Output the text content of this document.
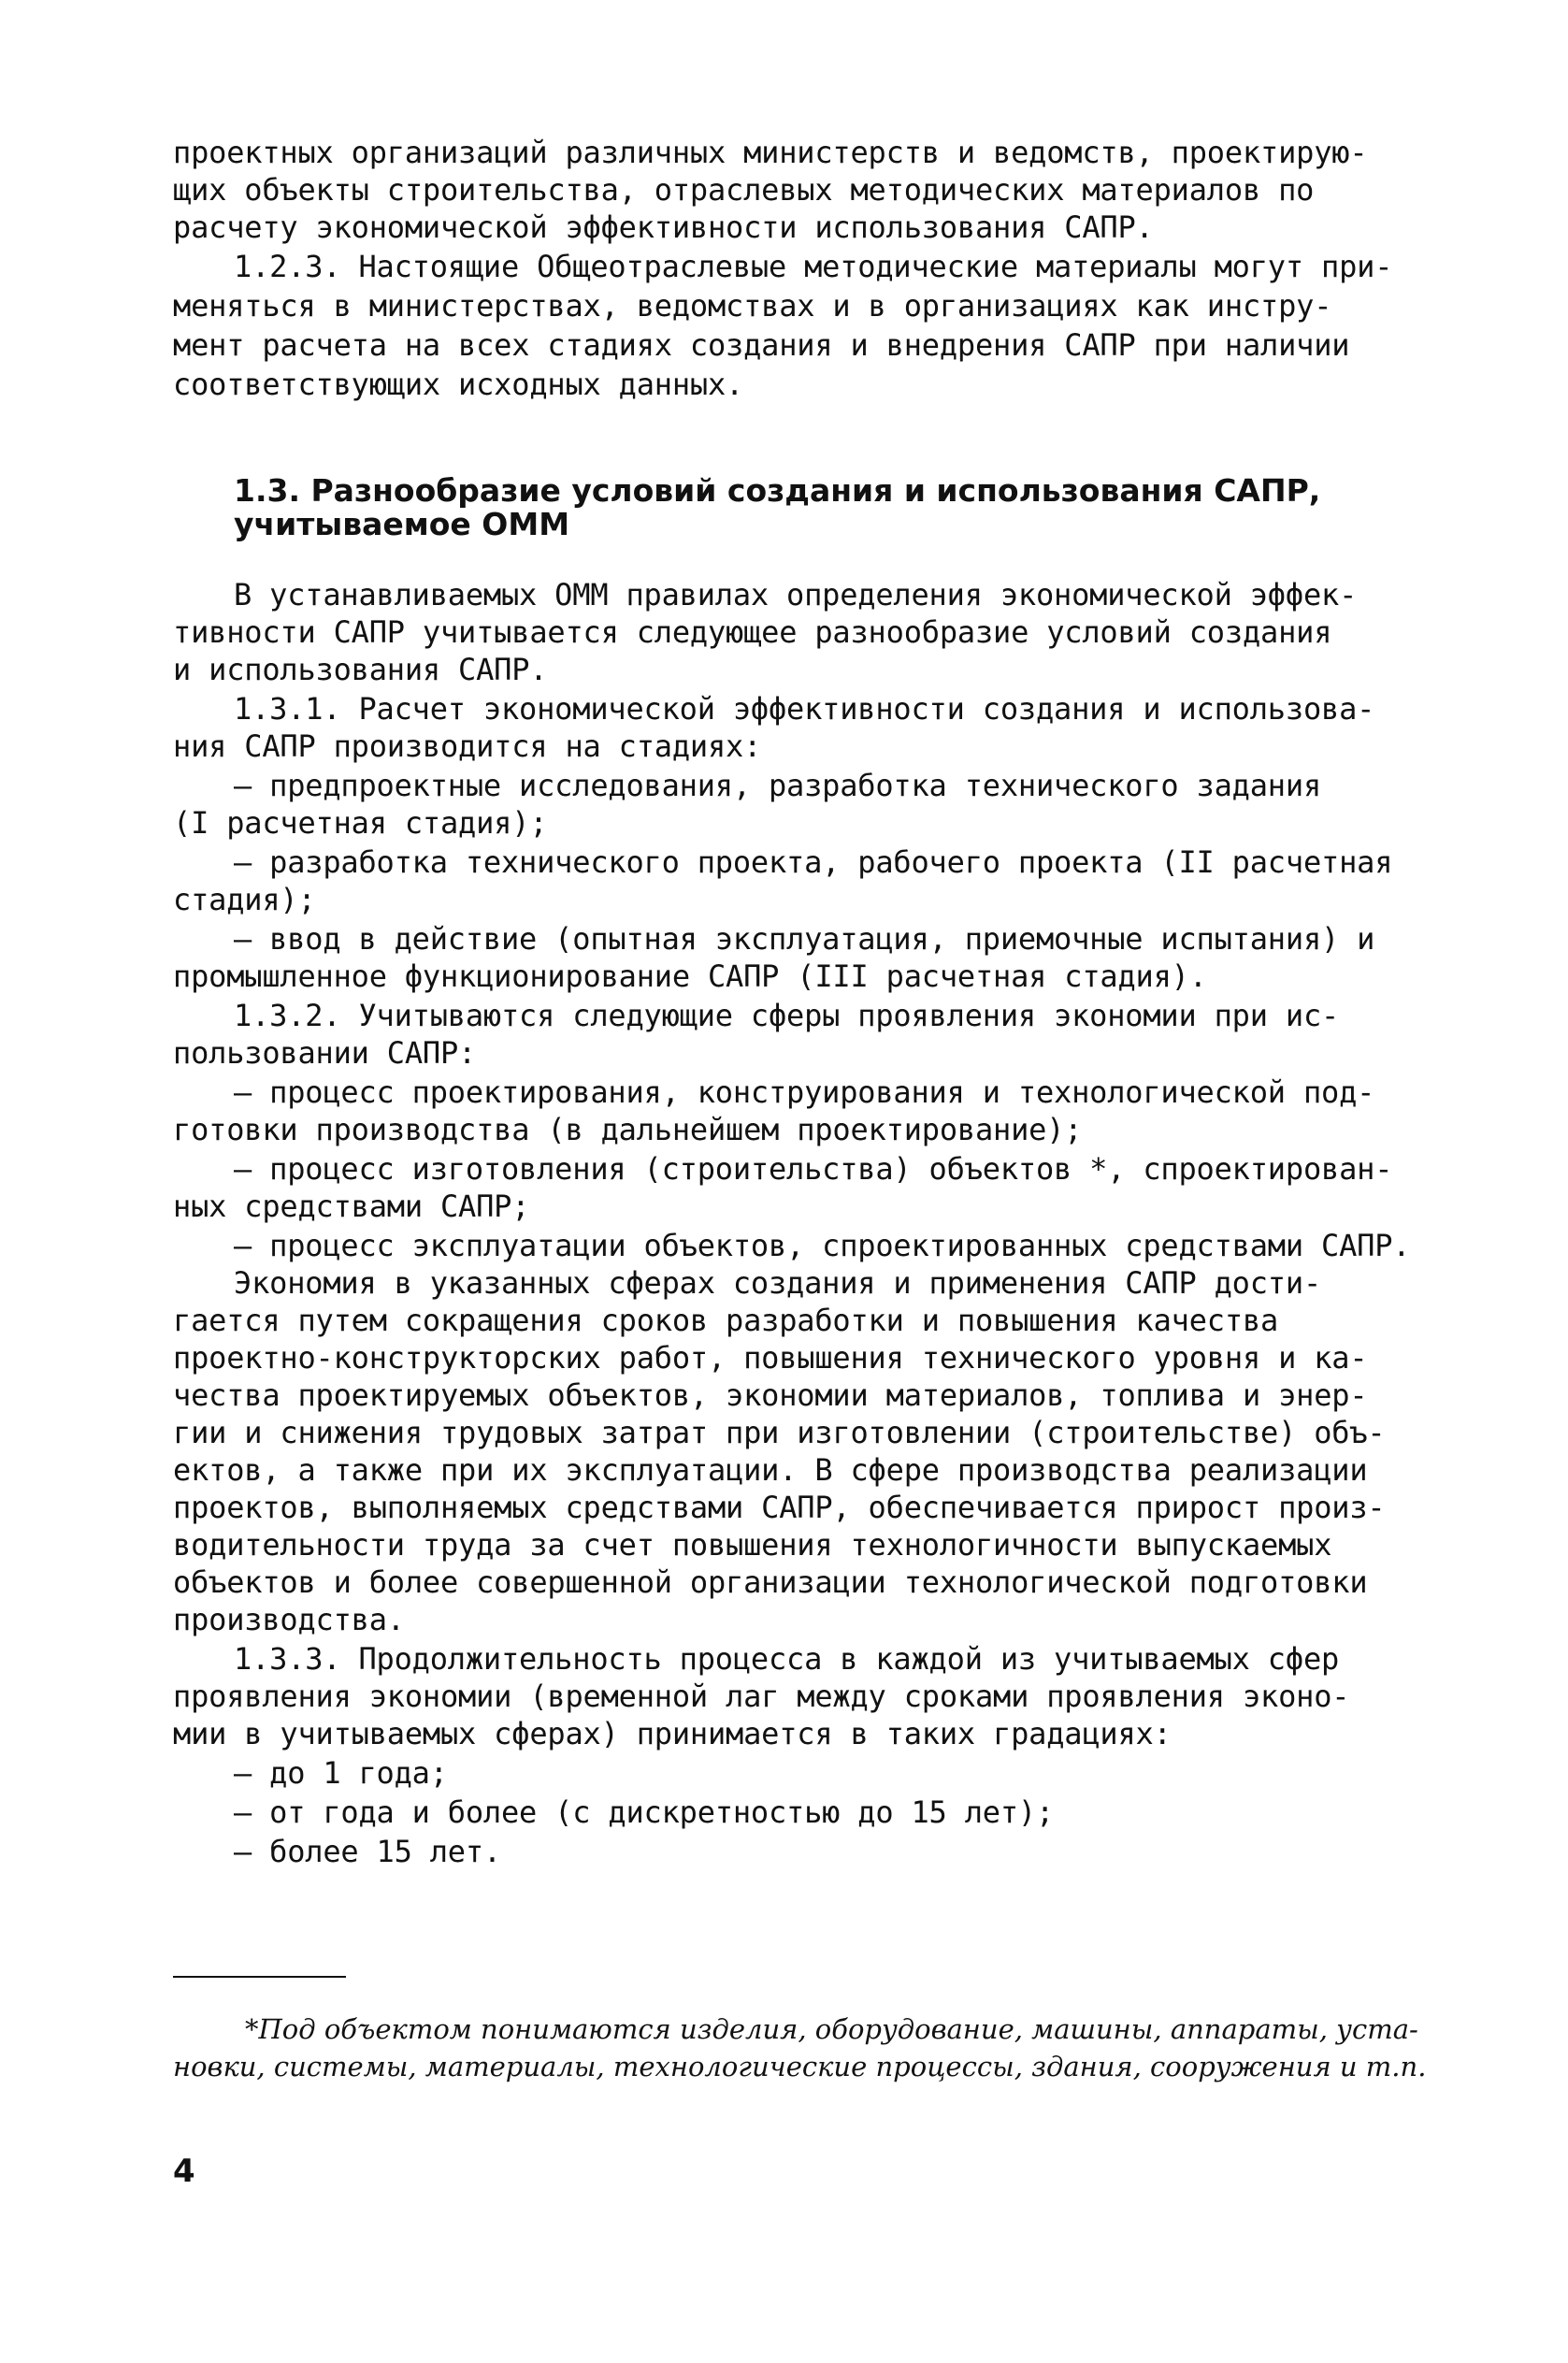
проектных организаций различных министерств и ведомств, проектирую-

щих объекты строительства, отраслевых методических материалов по

расчету экономической эффективности использования САПР.

1.2.3. Настоящие Общеотраслевые методические материалы могут при-

меняться в министерствах, ведомствах и в организациях как инстру-

мент расчета на всех стадиях создания и внедрения САПР при наличии

соответствующих исходных данных.

1.3. Разнообразие условий создания и использования САПР,
учитываемое ОММ

В устанавливаемых ОММ правилах определения экономической эффек-

тивности САПР учитывается следующее разнообразие условий создания

и использования САПР.

1.3.1. Расчет экономической эффективности создания и использова-

ния САПР производится на стадиях:

– предпроектные исследования, разработка технического задания

(I расчетная стадия);

– разработка технического проекта, рабочего проекта (II расчетная

стадия);

– ввод в действие (опытная эксплуатация, приемочные испытания) и

промышленное функционирование САПР (III расчетная стадия).

1.3.2. Учитываются следующие сферы проявления экономии при ис-

пользовании САПР:

– процесс проектирования, конструирования и технологической под-

готовки производства (в дальнейшем проектирование);

– процесс изготовления (строительства) объектов *, спроектирован-

ных средствами САПР;

– процесс эксплуатации объектов, спроектированных средствами САПР.

Экономия в указанных сферах создания и применения САПР дости-

гается путем сокращения сроков разработки и повышения качества

проектно-конструкторских работ, повышения технического уровня и ка-

чества проектируемых объектов, экономии материалов, топлива и энер-

гии и снижения трудовых затрат при изготовлении (строительстве) объ-

ектов, а также при их эксплуатации. В сфере производства реализации

проектов, выполняемых средствами САПР, обеспечивается прирост произ-

водительности труда за счет повышения технологичности выпускаемых

объектов и более совершенной организации технологической подготовки

производства.

1.3.3. Продолжительность процесса в каждой из учитываемых сфер

проявления экономии (временной лаг между сроками проявления эконо-

мии в учитываемых сферах) принимается в таких градациях:

– до 1 года;

– от года и более (с дискретностью до 15 лет);

– более 15 лет.

*Под объектом понимаются изделия, оборудование, машины, аппараты, уста-
новки, системы, материалы, технологические процессы, здания, сооружения и т.п.
4
